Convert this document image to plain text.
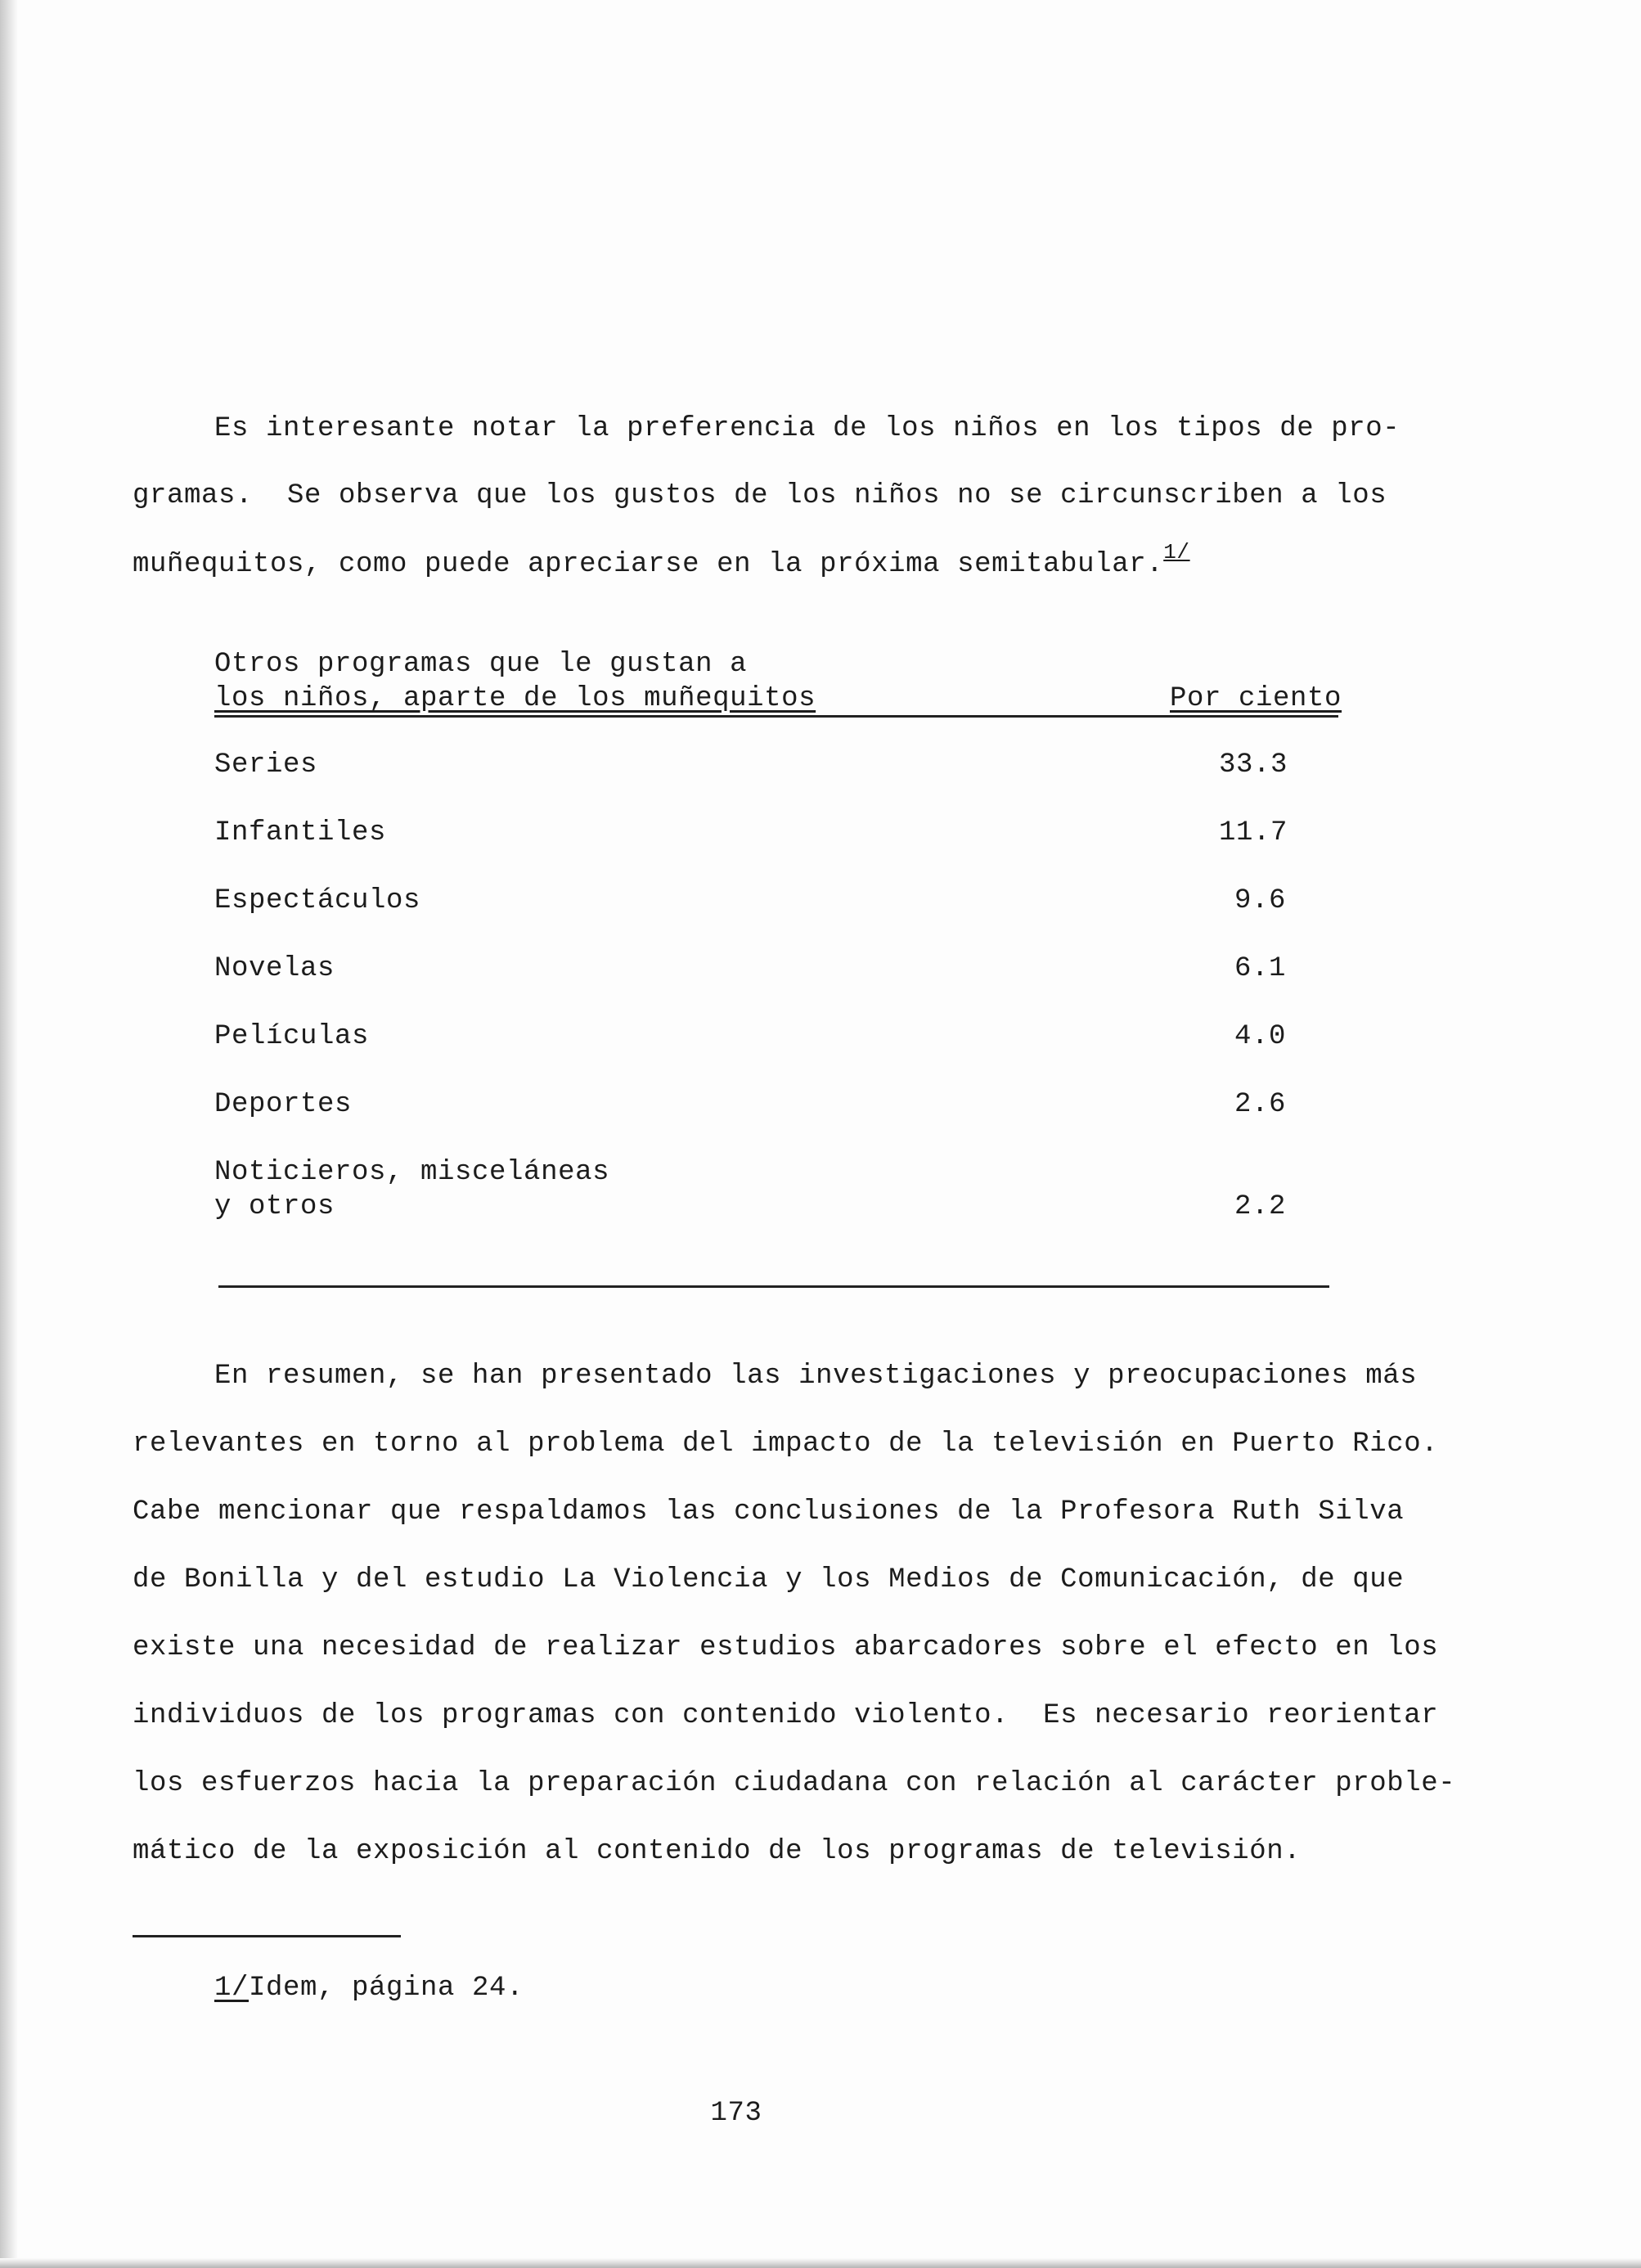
Es interesante notar la preferencia de los niños en los tipos de pro-
gramas.  Se observa que los gustos de los niños no se circunscriben a los
muñequitos, como puede apreciarse en la próxima semitabular.$^{1/}$
Otros programas que le gustan a
los niños, aparte de los muñequitos	Por ciento
Series	33.3
Infantiles	11.7
Espectáculos	9.6
Novelas	6.1
Películas	4.0
Deportes	2.6
Noticieros, misceláneas
y otros	2.2
En resumen, se han presentado las investigaciones y preocupaciones más
relevantes en torno al problema del impacto de la televisión en Puerto Rico.
Cabe mencionar que respaldamos las conclusiones de la Profesora Ruth Silva
de Bonilla y del estudio La Violencia y los Medios de Comunicación, de que
existe una necesidad de realizar estudios abarcadores sobre el efecto en los
individuos de los programas con contenido violento.  Es necesario reorientar
los esfuerzos hacia la preparación ciudadana con relación al carácter proble-
mático de la exposición al contenido de los programas de televisión.
1/Idem, página 24.
173
